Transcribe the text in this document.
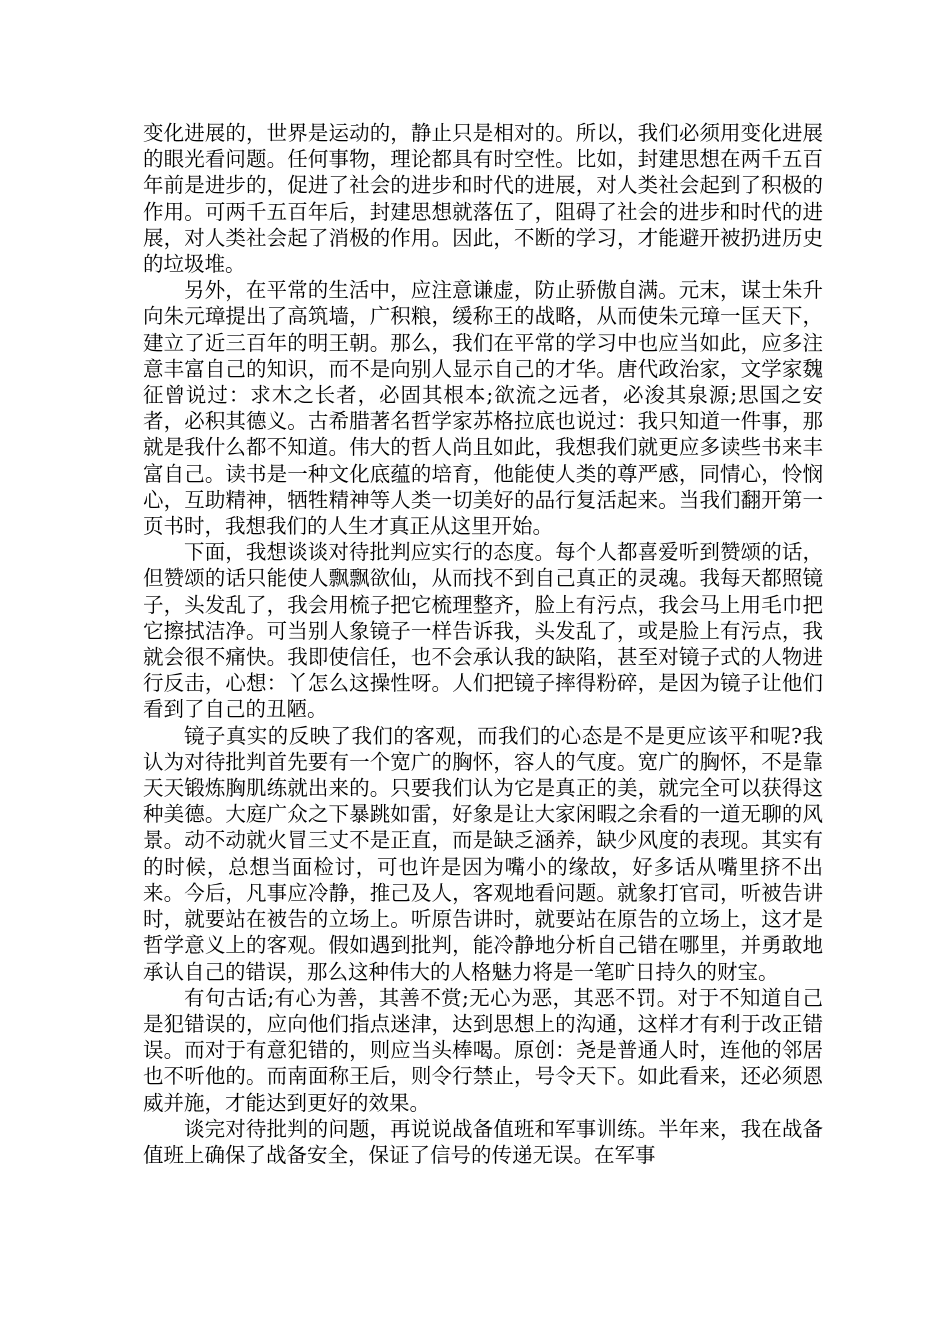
变化进展的，世界是运动的，静止只是相对的。所以，我们必须用变化进展的眼光看问题。任何事物，理论都具有时空性。比如，封建思想在两千五百年前是进步的，促进了社会的进步和时代的进展，对人类社会起到了积极的作用。可两千五百年后，封建思想就落伍了，阻碍了社会的进步和时代的进展，对人类社会起了消极的作用。因此，不断的学习，才能避开被扔进历史的垃圾堆。

另外，在平常的生活中，应注意谦虚，防止骄傲自满。元末，谋士朱升向朱元璋提出了高筑墙，广积粮，缓称王的战略，从而使朱元璋一匡天下，建立了近三百年的明王朝。那么，我们在平常的学习中也应当如此，应多注意丰富自己的知识，而不是向别人显示自己的才华。唐代政治家，文学家魏征曾说过：求木之长者，必固其根本;欲流之远者，必浚其泉源;思国之安者，必积其德义。古希腊著名哲学家苏格拉底也说过：我只知道一件事，那就是我什么都不知道。伟大的哲人尚且如此，我想我们就更应多读些书来丰富自己。读书是一种文化底蕴的培育，他能使人类的尊严感，同情心，怜悯心，互助精神，牺牲精神等人类一切美好的品行复活起来。当我们翻开第一页书时，我想我们的人生才真正从这里开始。

下面，我想谈谈对待批判应实行的态度。每个人都喜爱听到赞颂的话，但赞颂的话只能使人飘飘欲仙，从而找不到自己真正的灵魂。我每天都照镜子，头发乱了，我会用梳子把它梳理整齐，脸上有污点，我会马上用毛巾把它擦拭洁净。可当别人象镜子一样告诉我，头发乱了，或是脸上有污点，我就会很不痛快。我即使信任，也不会承认我的缺陷，甚至对镜子式的人物进行反击，心想：丫怎么这操性呀。人们把镜子摔得粉碎，是因为镜子让他们看到了自己的丑陋。

镜子真实的反映了我们的客观，而我们的心态是不是更应该平和呢?我认为对待批判首先要有一个宽广的胸怀，容人的气度。宽广的胸怀，不是靠天天锻炼胸肌练就出来的。只要我们认为它是真正的美，就完全可以获得这种美德。大庭广众之下暴跳如雷，好象是让大家闲暇之余看的一道无聊的风景。动不动就火冒三丈不是正直，而是缺乏涵养，缺少风度的表现。其实有的时候，总想当面检讨，可也许是因为嘴小的缘故，好多话从嘴里挤不出来。今后，凡事应冷静，推己及人，客观地看问题。就象打官司，听被告讲时，就要站在被告的立场上。听原告讲时，就要站在原告的立场上，这才是哲学意义上的客观。假如遇到批判，能冷静地分析自己错在哪里，并勇敢地承认自己的错误，那么这种伟大的人格魅力将是一笔旷日持久的财宝。

有句古话;有心为善，其善不赏;无心为恶，其恶不罚。对于不知道自己是犯错误的，应向他们指点迷津，达到思想上的沟通，这样才有利于改正错误。而对于有意犯错的，则应当头棒喝。原创：尧是普通人时，连他的邻居也不听他的。而南面称王后，则令行禁止，号令天下。如此看来，还必须恩威并施，才能达到更好的效果。

谈完对待批判的问题，再说说战备值班和军事训练。半年来，我在战备值班上确保了战备安全，保证了信号的传递无误。在军事
